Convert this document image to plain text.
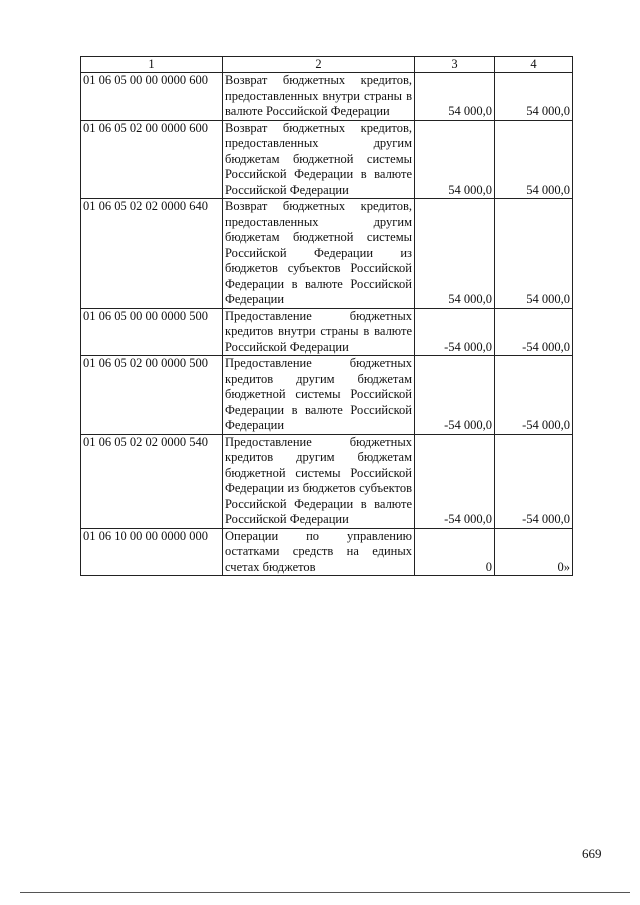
1	2	3	4
01 06 05 00 00 0000 600	Возврат бюджетных кредитов, предоставленных внутри страны в валюте Российской Федерации	54 000,0	54 000,0
01 06 05 02 00 0000 600	Возврат бюджетных кредитов, предоставленных другим бюджетам бюджетной системы Российской Федерации в валюте Российской Федерации	54 000,0	54 000,0
01 06 05 02 02 0000 640	Возврат бюджетных кредитов, предоставленных другим бюджетам бюджетной системы Российской Федерации из бюджетов субъектов Российской Федерации в валюте Российской Федерации	54 000,0	54 000,0
01 06 05 00 00 0000 500	Предоставление бюджетных кредитов внутри страны в валюте Российской Федерации	-54 000,0	-54 000,0
01 06 05 02 00 0000 500	Предоставление бюджетных кредитов другим бюджетам бюджетной системы Российской Федерации в валюте Российской Федерации	-54 000,0	-54 000,0
01 06 05 02 02 0000 540	Предоставление бюджетных кредитов другим бюджетам бюджетной системы Российской Федерации из бюджетов субъектов Российской Федерации в валюте Российской Федерации	-54 000,0	-54 000,0
01 06 10 00 00 0000 000	Операции по управлению остатками средств на единых счетах бюджетов	0	0»
669
